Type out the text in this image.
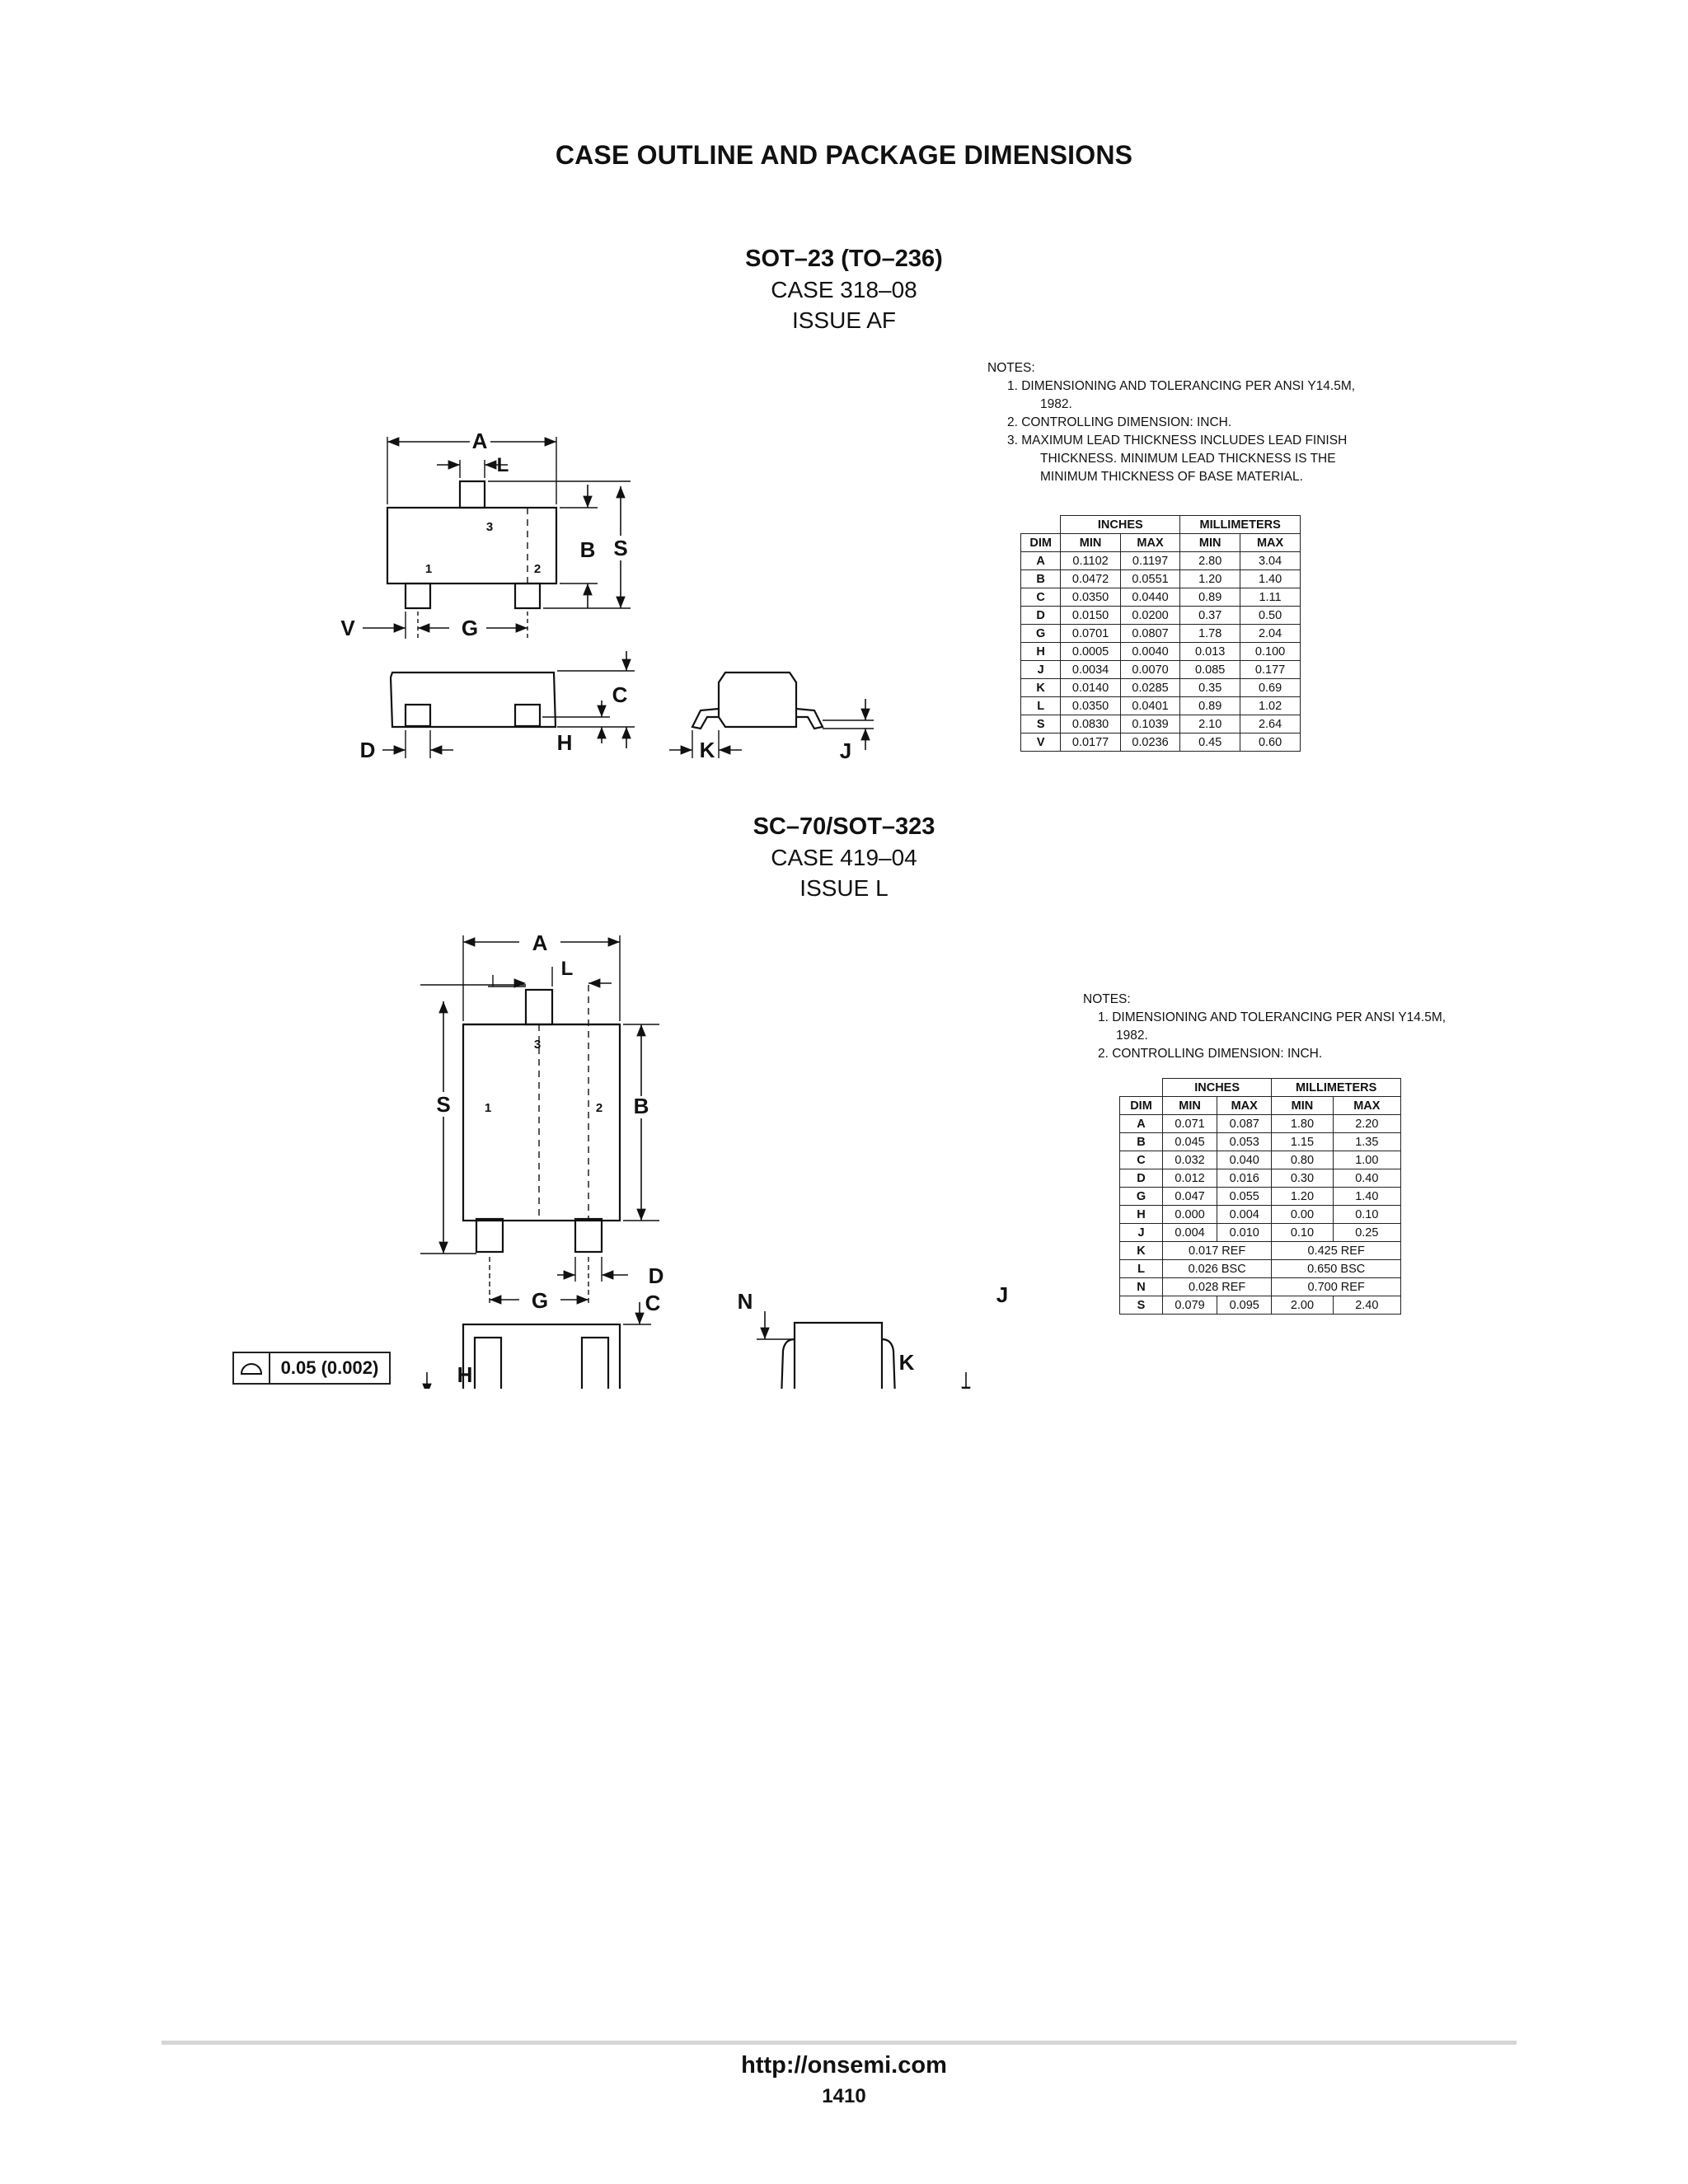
CASE OUTLINE AND PACKAGE DIMENSIONS
SOT–23 (TO–236)
CASE 318–08
ISSUE AF
NOTES:
1. DIMENSIONING AND TOLERANCING PER ANSI Y14.5M, 1982.
2. CONTROLLING DIMENSION: INCH.
3. MAXIMUM LEAD THICKNESS INCLUDES LEAD FINISH THICKNESS. MINIMUM LEAD THICKNESS IS THE MINIMUM THICKNESS OF BASE MATERIAL.
	INCHES		MILLIMETERS	
DIM	MIN	MAX	MIN	MAX
A	0.1102	0.1197	2.80	3.04
B	0.0472	0.0551	1.20	1.40
C	0.0350	0.0440	0.89	1.11
D	0.0150	0.0200	0.37	0.50
G	0.0701	0.0807	1.78	2.04
H	0.0005	0.0040	0.013	0.100
J	0.0034	0.0070	0.085	0.177
K	0.0140	0.0285	0.35	0.69
L	0.0350	0.0401	0.89	1.02
S	0.0830	0.1039	2.10	2.64
V	0.0177	0.0236	0.45	0.60
A
L
B S
V	G
C
D	H	K	J
3
1	2
SC–70/SOT–323
CASE 419–04
ISSUE L
NOTES:
1. DIMENSIONING AND TOLERANCING PER ANSI Y14.5M, 1982.
2. CONTROLLING DIMENSION: INCH.
	INCHES		MILLIMETERS	
DIM	MIN	MAX	MIN	MAX
A	0.071	0.087	1.80	2.20
B	0.045	0.053	1.15	1.35
C	0.032	0.040	0.80	1.00
D	0.012	0.016	0.30	0.40
G	0.047	0.055	1.20	1.40
H	0.000	0.004	0.00	0.10
J	0.004	0.010	0.10	0.25
K	0.017 REF		0.425 REF	
L	0.026 BSC		0.650 BSC	
N	0.028 REF		0.700 REF	
S	0.079	0.095	2.00	2.40
A
L
S	B
D
G
3
1	2
C
H
N	J
K
0.05 (0.002)
http://onsemi.com
1410
